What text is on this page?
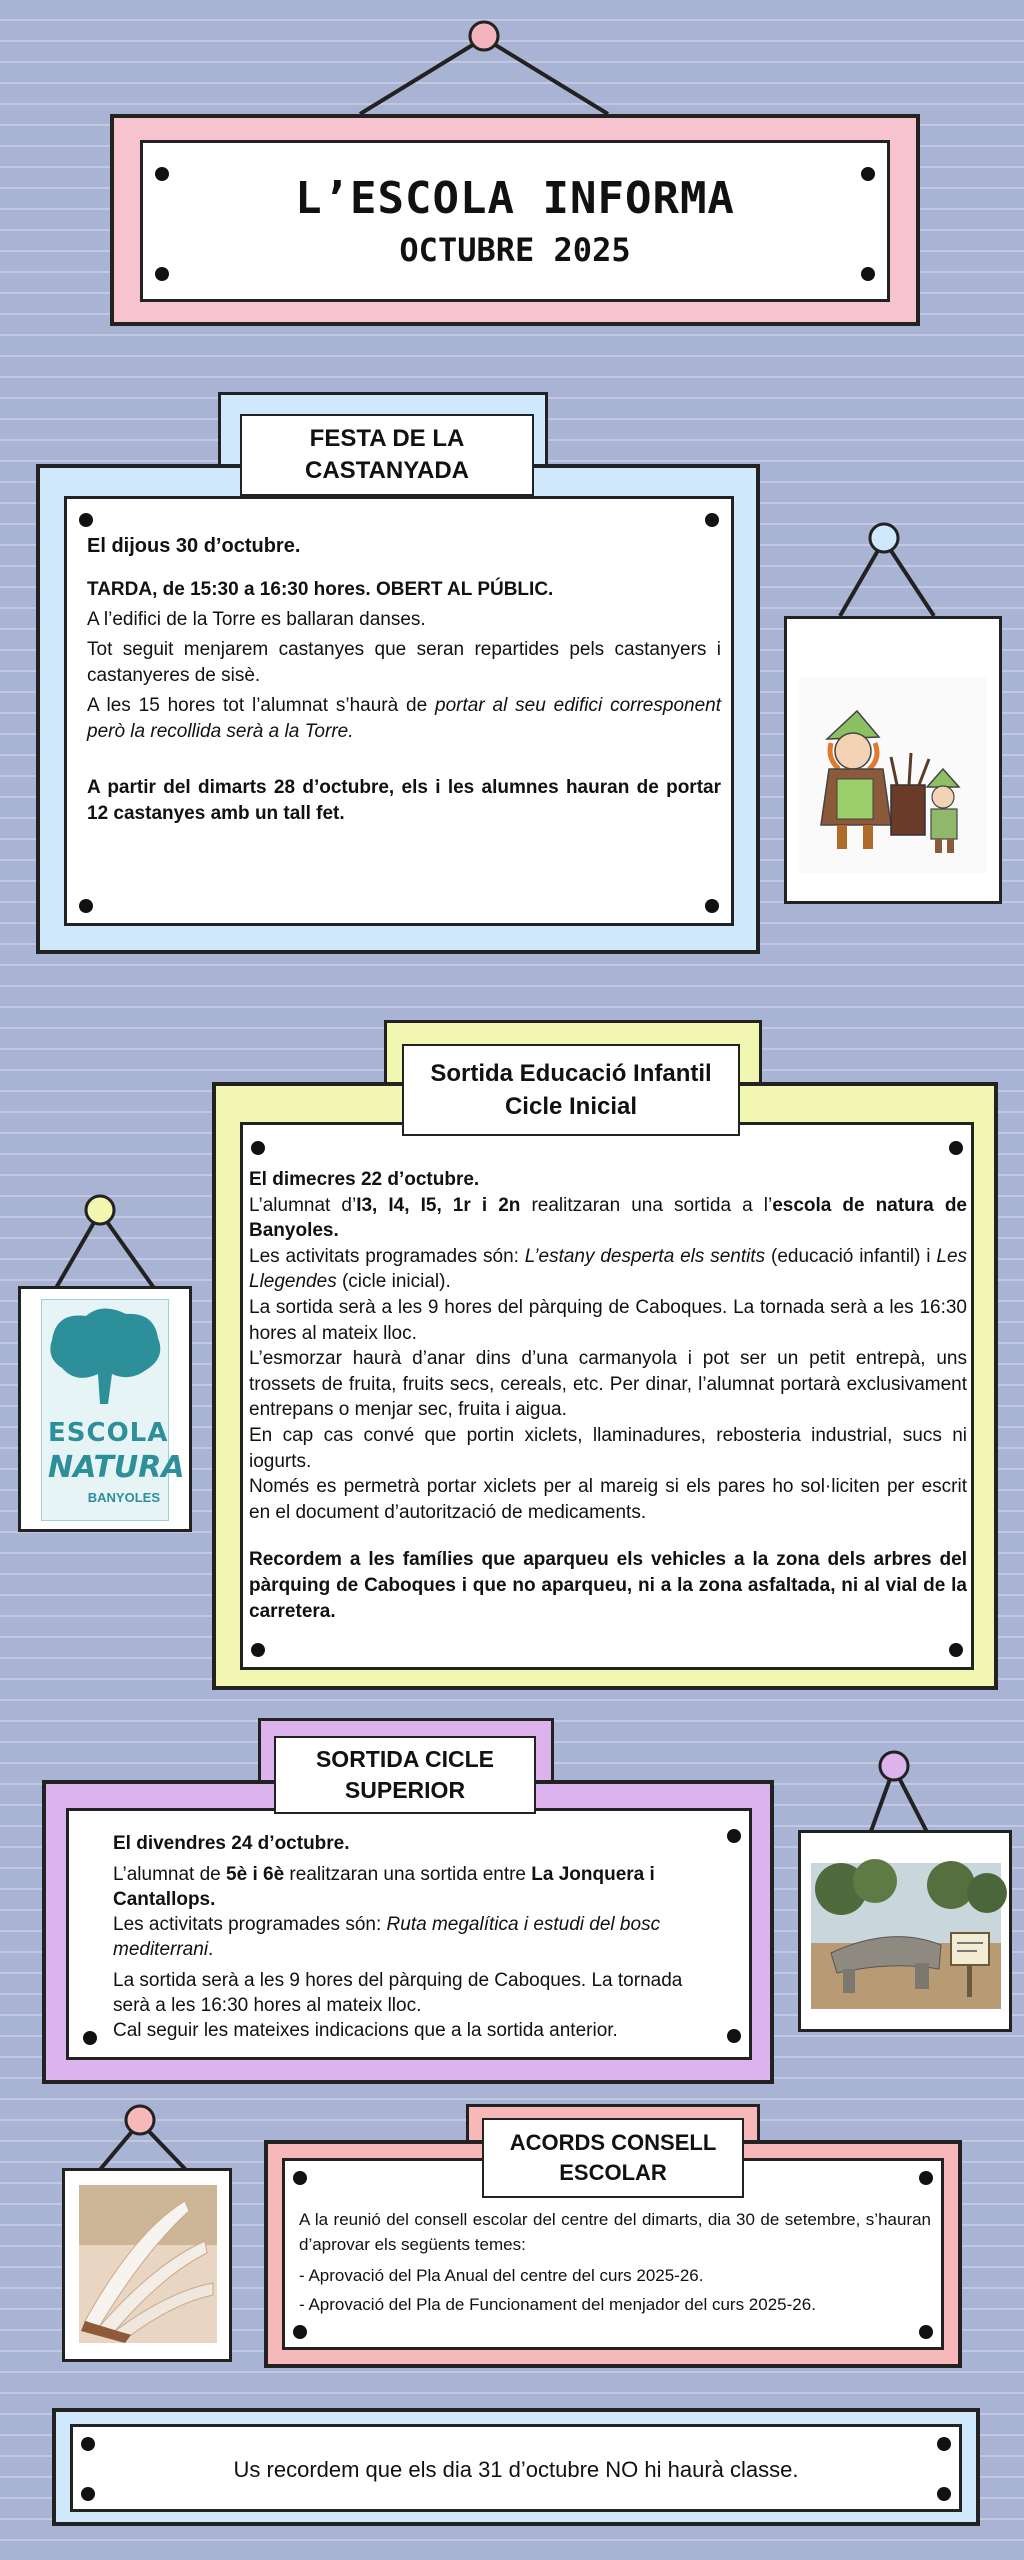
L’ESCOLA INFORMA
OCTUBRE 2025

El dijous 30 d’octubre.

TARDA, de 15:30 a 16:30 hores. OBERT AL PÚBLIC.

A l’edifici de la Torre es ballaran danses.

Tot seguit menjarem castanyes que seran repartides pels castanyers i castanyeres de sisè.

A les 15 hores tot l’alumnat s’haurà de portar al seu edifici corresponent però la recollida serà a la Torre.

A partir del dimarts 28 d’octubre, els i les alumnes hauran de portar 12 castanyes amb un tall fet.

FESTA DE LA CASTANYADA

El dimecres 22 d’octubre.

L’alumnat d’I3, I4, I5, 1r i 2n realitzaran una sortida a l’escola de natura de Banyoles.

Les activitats programades són: L’estany desperta els sentits (educació infantil) i Les Llegendes (cicle inicial).

La sortida serà a les 9 hores del pàrquing de Caboques. La tornada serà a les 16:30 hores al mateix lloc.

L’esmorzar haurà d’anar dins d’una carmanyola i pot ser un petit entrepà, uns trossets de fruita, fruits secs, cereals, etc. Per dinar, l’alumnat portarà exclusivament entrepans o menjar sec, fruita i aigua.

En cap cas convé que portin xiclets, llaminadures, rebosteria industrial, sucs ni iogurts.

Només es permetrà portar xiclets per al mareig si els pares ho sol·liciten per escrit en el document d’autorització de medicaments.

Recordem a les famílies que aparqueu els vehicles a la zona dels arbres del pàrquing de Caboques i que no aparqueu, ni a la zona asfaltada, ni al vial de la carretera.

Sortida Educació Infantil
Cicle Inicial
ESCOLA
NATURA
BANYOLES

El divendres 24 d’octubre.

L’alumnat de 5è i 6è realitzaran una sortida entre La Jonquera i Cantallops.

Les activitats programades són: Ruta megalítica i estudi del bosc mediterrani.

La sortida serà a les 9 hores del pàrquing de Caboques. La tornada serà a les 16:30 hores al mateix lloc.

Cal seguir les mateixes indicacions que a la sortida anterior.

SORTIDA CICLE SUPERIOR

A la reunió del consell escolar del centre del dimarts, dia 30 de setembre, s’hauran d’aprovar els següents temes:

- Aprovació del Pla Anual del centre del curs 2025-26.

- Aprovació del Pla de Funcionament del menjador del curs 2025-26.

ACORDS CONSELL ESCOLAR
Us recordem que els dia 31 d’octubre NO hi haurà classe.
